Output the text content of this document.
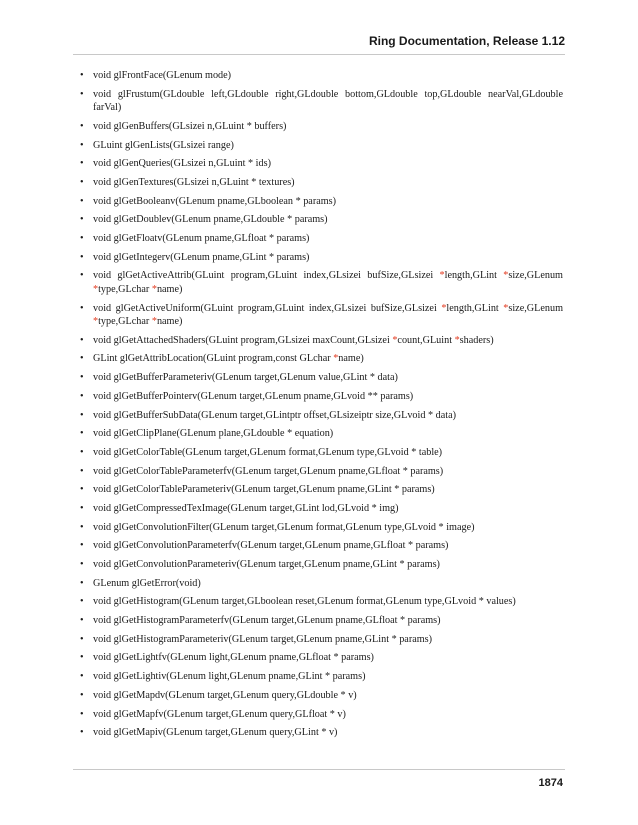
Ring Documentation, Release 1.12
• void glFrontFace(GLenum mode)
• void glFrustum(GLdouble left,GLdouble right,GLdouble bottom,GLdouble top,GLdouble nearVal,GLdouble farVal)
• void glGenBuffers(GLsizei n,GLuint * buffers)
• GLuint glGenLists(GLsizei range)
• void glGenQueries(GLsizei n,GLuint * ids)
• void glGenTextures(GLsizei n,GLuint * textures)
• void glGetBooleanv(GLenum pname,GLboolean * params)
• void glGetDoublev(GLenum pname,GLdouble * params)
• void glGetFloatv(GLenum pname,GLfloat * params)
• void glGetIntegerv(GLenum pname,GLint * params)
• void glGetActiveAttrib(GLuint program,GLuint index,GLsizei bufSize,GLsizei *length,GLint *size,GLenum *type,GLchar *name)
• void glGetActiveUniform(GLuint program,GLuint index,GLsizei bufSize,GLsizei *length,GLint *size,GLenum *type,GLchar *name)
• void glGetAttachedShaders(GLuint program,GLsizei maxCount,GLsizei *count,GLuint *shaders)
• GLint glGetAttribLocation(GLuint program,const GLchar *name)
• void glGetBufferParameteriv(GLenum target,GLenum value,GLint * data)
• void glGetBufferPointerv(GLenum target,GLenum pname,GLvoid ** params)
• void glGetBufferSubData(GLenum target,GLintptr offset,GLsizeiptr size,GLvoid * data)
• void glGetClipPlane(GLenum plane,GLdouble * equation)
• void glGetColorTable(GLenum target,GLenum format,GLenum type,GLvoid * table)
• void glGetColorTableParameterfv(GLenum target,GLenum pname,GLfloat * params)
• void glGetColorTableParameteriv(GLenum target,GLenum pname,GLint * params)
• void glGetCompressedTexImage(GLenum target,GLint lod,GLvoid * img)
• void glGetConvolutionFilter(GLenum target,GLenum format,GLenum type,GLvoid * image)
• void glGetConvolutionParameterfv(GLenum target,GLenum pname,GLfloat * params)
• void glGetConvolutionParameteriv(GLenum target,GLenum pname,GLint * params)
• GLenum glGetError(void)
• void glGetHistogram(GLenum target,GLboolean reset,GLenum format,GLenum type,GLvoid * values)
• void glGetHistogramParameterfv(GLenum target,GLenum pname,GLfloat * params)
• void glGetHistogramParameteriv(GLenum target,GLenum pname,GLint * params)
• void glGetLightfv(GLenum light,GLenum pname,GLfloat * params)
• void glGetLightiv(GLenum light,GLenum pname,GLint * params)
• void glGetMapdv(GLenum target,GLenum query,GLdouble * v)
• void glGetMapfv(GLenum target,GLenum query,GLfloat * v)
• void glGetMapiv(GLenum target,GLenum query,GLint * v)
1874
